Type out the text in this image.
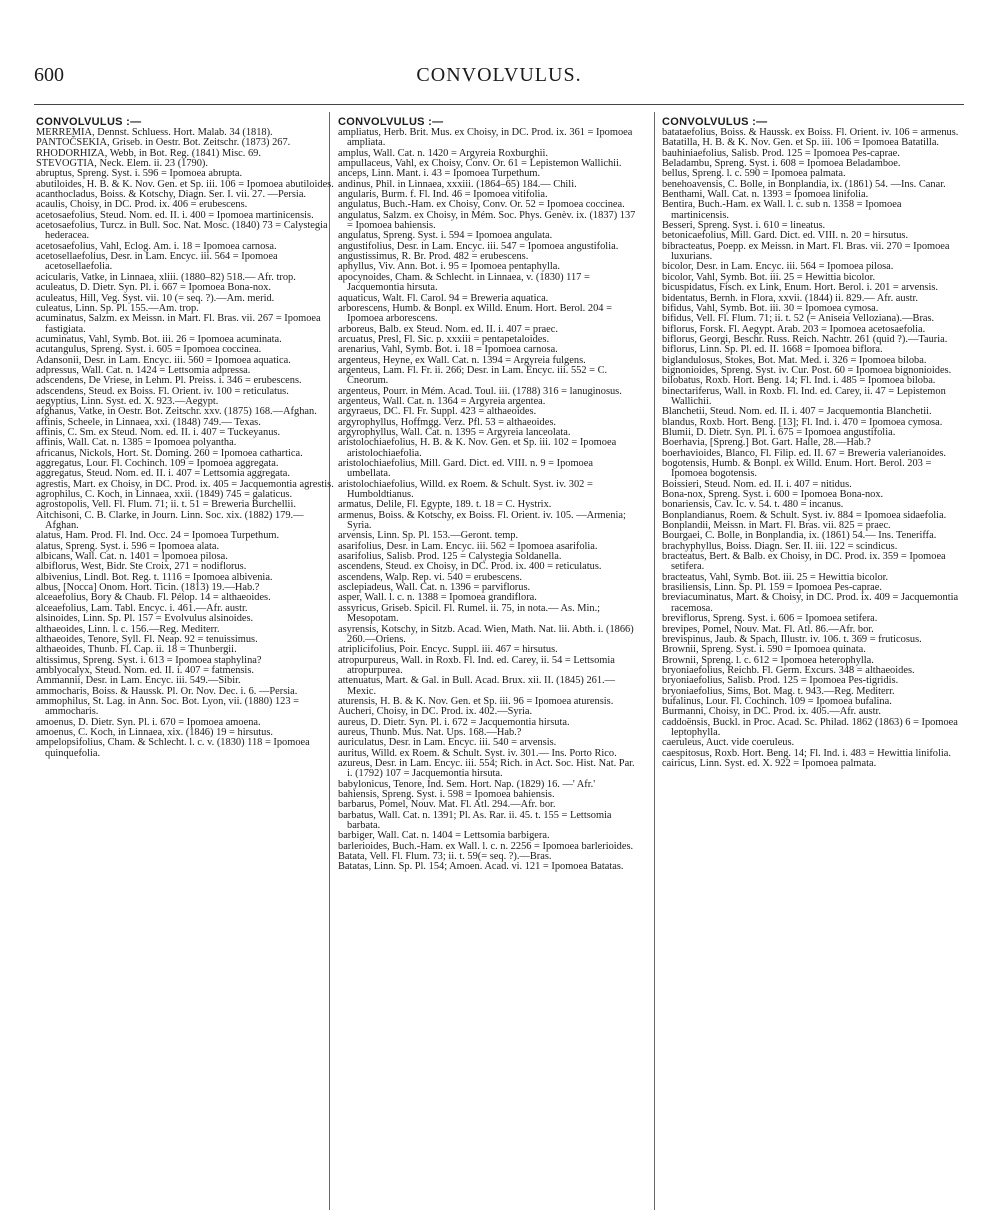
600	CONVOLVULUS.
CONVOLVULUS :—

MERREMIA, Dennst. Schluess. Hort. Malab. 34 (1818).

PANTOČSEKIA, Griseb. in Oestr. Bot. Zeitschr. (1873) 267.

RHODORHIZA, Webb, in Bot. Reg. (1841) Misc. 69.

STEVOGTIA, Neck. Elem. ii. 23 (1790).

abruptus, Spreng. Syst. i. 596 = Ipomoea abrupta.

abutiloides, H. B. & K. Nov. Gen. et Sp. iii. 106 = Ipomoea abutiloides.

acanthocladus, Boiss. & Kotschy, Diagn. Ser. I. vii. 27. —Persia.

acaulis, Choisy, in DC. Prod. ix. 406 = erubescens.

acetosaefolius, Steud. Nom. ed. II. i. 400 = Ipomoea martinicensis.

acetosaefolius, Turcz. in Bull. Soc. Nat. Mosc. (1840) 73 = Calystegia hederacea.

acetosaefolius, Vahl, Eclog. Am. i. 18 = Ipomoea carnosa.

acetosellaefolius, Desr. in Lam. Encyc. iii. 564 = Ipomoea acetosellaefolia.

acicularis, Vatke, in Linnaea, xliii. (1880–82) 518.— Afr. trop.

aculeatus, D. Dietr. Syn. Pl. i. 667 = Ipomoea Bona-nox.

aculeatus, Hill, Veg. Syst. vii. 10 (= seq. ?).—Am. merid.

culeatus, Linn. Sp. Pl. 155.—Am. trop.

acuminatus, Salzm. ex Meissn. in Mart. Fl. Bras. vii. 267 = Ipomoea fastigiata.

acuminatus, Vahl, Symb. Bot. iii. 26 = Ipomoea acuminata.

acutangulus, Spreng. Syst. i. 605 = Ipomoea coccinea.

Adansonii, Desr. in Lam. Encyc. iii. 560 = Ipomoea aquatica.

adpressus, Wall. Cat. n. 1424 = Lettsomia adpressa.

adscendens, De Vriese, in Lehm. Pl. Preiss. i. 346 = erubescens.

adscendens, Steud. ex Boiss. Fl. Orient. iv. 100 = reticulatus.

aegyptius, Linn. Syst. ed. X. 923.—Aegypt.

afghanus, Vatke, in Oestr. Bot. Zeitschr. xxv. (1875) 168.—Afghan.

affinis, Scheele, in Linnaea, xxi. (1848) 749.— Texas.

affinis, C. Sm. ex Steud. Nom. ed. II. i. 407 = Tuckeyanus.

affinis, Wall. Cat. n. 1385 = Ipomoea polyantha.

africanus, Nickols, Hort. St. Doming. 260 = Ipomoea cathartica.

aggregatus, Lour. Fl. Cochinch. 109 = Ipomoea aggregata.

aggregatus, Steud. Nom. ed. II. i. 407 = Lettsomia aggregata.

agrestis, Mart. ex Choisy, in DC. Prod. ix. 405 = Jacquemontia agrestis.

agrophilus, C. Koch, in Linnaea, xxii. (1849) 745 = galaticus.

agrostopolis, Vell. Fl. Flum. 71; ii. t. 51 = Breweria Burchellii.

Aitchisoni, C. B. Clarke, in Journ. Linn. Soc. xix. (1882) 179.—Afghan.

alatus, Ham. Prod. Fl. Ind. Occ. 24 = Ipomoea Turpethum.

alatus, Spreng. Syst. i. 596 = Ipomoea alata.

albicans, Wall. Cat. n. 1401 = Ipomoea pilosa.

albiflorus, West, Bidr. Ste Croix, 271 = nodiflorus.

albivenius, Lindl. Bot. Reg. t. 1116 = Ipomoea albivenia.

albus, [Nocca] Onom. Hort. Ticin. (1813) 19.—Hab.?

alceaefolius, Bory & Chaub. Fl. Pélop. 14 = althaeoides.

alceaefolius, Lam. Tabl. Encyc. i. 461.—Afr. austr.

alsinoides, Linn. Sp. Pl. 157 = Evolvulus alsinoides.

althaeoides, Linn. l. c. 156.—Reg. Mediterr.

althaeoides, Tenore, Syll. Fl. Neap. 92 = tenuissimus.

althaeoides, Thunb. Fl. Cap. ii. 18 = Thunbergii.

altissimus, Spreng. Syst. i. 613 = Ipomoea staphylina?

amblyocalyx, Steud. Nom. ed. II. i. 407 = fatmensis.

Ammannii, Desr. in Lam. Encyc. iii. 549.—Sibir.

ammocharis, Boiss. & Haussk. Pl. Or. Nov. Dec. i. 6. —Persia.

ammophilus, St. Lag. in Ann. Soc. Bot. Lyon, vii. (1880) 123 = ammocharis.

amoenus, D. Dietr. Syn. Pl. i. 670 = Ipomoea amoena.

amoenus, C. Koch, in Linnaea, xix. (1846) 19 = hirsutus.

ampelopsifolius, Cham. & Schlecht. l. c. v. (1830) 118 = Ipomoea quinquefolia.

CONVOLVULUS :—

ampliatus, Herb. Brit. Mus. ex Choisy, in DC. Prod. ix. 361 = Ipomoea ampliata.

amplus, Wall. Cat. n. 1420 = Argyreia Roxburghii.

ampullaceus, Vahl, ex Choisy, Conv. Or. 61 = Lepistemon Wallichii.

anceps, Linn. Mant. i. 43 = Ipomoea Turpethum.

andinus, Phil. in Linnaea, xxxiii. (1864–65) 184.— Chili.

angularis, Burm. f. Fl. Ind. 46 = Ipomoea vitifolia.

angulatus, Buch.-Ham. ex Choisy, Conv. Or. 52 = Ipomoea coccinea.

angulatus, Salzm. ex Choisy, in Mém. Soc. Phys. Genèv. ix. (1837) 137 = Ipomoea bahiensis.

angulatus, Spreng. Syst. i. 594 = Ipomoea angulata.

angustifolius, Desr. in Lam. Encyc. iii. 547 = Ipomoea angustifolia.

angustissimus, R. Br. Prod. 482 = erubescens.

aphyllus, Viv. Ann. Bot. i. 95 = Ipomoea pentaphylla.

apocynoides, Cham. & Schlecht. in Linnaea, v. (1830) 117 = Jacquemontia hirsuta.

aquaticus, Walt. Fl. Carol. 94 = Breweria aquatica.

arborescens, Humb. & Bonpl. ex Willd. Enum. Hort. Berol. 204 = Ipomoea arborescens.

arboreus, Balb. ex Steud. Nom. ed. II. i. 407 = praec.

arcuatus, Presl, Fl. Sic. p. xxxiii = pentapetaloides.

arenarius, Vahl, Symb. Bot. i. 18 = Ipomoea carnosa.

argenteus, Heyne, ex Wall. Cat. n. 1394 = Argyreia fulgens.

argenteus, Lam. Fl. Fr. ii. 266; Desr. in Lam. Encyc. iii. 552 = C. Cneorum.

argenteus, Pourr. in Mém. Acad. Toul. iii. (1788) 316 = lanuginosus.

argenteus, Wall. Cat. n. 1364 = Argyreia argentea.

argyraeus, DC. Fl. Fr. Suppl. 423 = althaeoides.

argyrophyllus, Hoffmgg. Verz. Pfl. 53 = althaeoides.

argyrophyllus, Wall. Cat. n. 1395 = Argyreia lanceolata.

aristolochiaefolius, H. B. & K. Nov. Gen. et Sp. iii. 102 = Ipomoea aristolochiaefolia.

aristolochiaefolius, Mill. Gard. Dict. ed. VIII. n. 9 = Ipomoea umbellata.

aristolochiaefolius, Willd. ex Roem. & Schult. Syst. iv. 302 = Humboldtianus.

armatus, Delile, Fl. Egypte, 189. t. 18 = C. Hystrix.

armenus, Boiss. & Kotschy, ex Boiss. Fl. Orient. iv. 105. —Armenia; Syria.

arvensis, Linn. Sp. Pl. 153.—Geront. temp.

asarifolius, Desr. in Lam. Encyc. iii. 562 = Ipomoea asarifolia.

asarifolius, Salisb. Prod. 125 = Calystegia Soldanella.

ascendens, Steud. ex Choisy, in DC. Prod. ix. 400 = reticulatus.

ascendens, Walp. Rep. vi. 540 = erubescens.

asclepiadeus, Wall. Cat. n. 1396 = parviflorus.

asper, Wall. l. c. n. 1388 = Ipomoea grandiflora.

assyricus, Griseb. Spicil. Fl. Rumel. ii. 75, in nota.— As. Min.; Mesopotam.

asyrensis, Kotschy, in Sitzb. Acad. Wien, Math. Nat. lii. Abth. i. (1866) 260.—Oriens.

atriplicifolius, Poir. Encyc. Suppl. iii. 467 = hirsutus.

atropurpureus, Wall. in Roxb. Fl. Ind. ed. Carey, ii. 54 = Lettsomia atropurpurea.

attenuatus, Mart. & Gal. in Bull. Acad. Brux. xii. II. (1845) 261.—Mexic.

aturensis, H. B. & K. Nov. Gen. et Sp. iii. 96 = Ipomoea aturensis.

Aucheri, Choisy, in DC. Prod. ix. 402.—Syria.

aureus, D. Dietr. Syn. Pl. i. 672 = Jacquemontia hirsuta.

aureus, Thunb. Mus. Nat. Ups. 168.—Hab.?

auriculatus, Desr. in Lam. Encyc. iii. 540 = arvensis.

auritus, Willd. ex Roem. & Schult. Syst. iv. 301.— Ins. Porto Rico.

azureus, Desr. in Lam. Encyc. iii. 554; Rich. in Act. Soc. Hist. Nat. Par. i. (1792) 107 = Jacquemontia hirsuta.

babylonicus, Tenore, Ind. Sem. Hort. Nap. (1829) 16. —' Afr.'

bahiensis, Spreng. Syst. i. 598 = Ipomoea bahiensis.

barbarus, Pomel, Nouv. Mat. Fl. Atl. 294.—Afr. bor.

barbatus, Wall. Cat. n. 1391; Pl. As. Rar. ii. 45. t. 155 = Lettsomia barbata.

barbiger, Wall. Cat. n. 1404 = Lettsomia barbigera.

barlerioides, Buch.-Ham. ex Wall. l. c. n. 2256 = Ipomoea barlerioides.

Batata, Vell. Fl. Flum. 73; ii. t. 59(= seq. ?).—Bras.

Batatas, Linn. Sp. Pl. 154; Amoen. Acad. vi. 121 = Ipomoea Batatas.

CONVOLVULUS :—

batataefolius, Boiss. & Haussk. ex Boiss. Fl. Orient. iv. 106 = armenus.

Batatilla, H. B. & K. Nov. Gen. et Sp. iii. 106 = Ipomoea Batatilla.

bauhiniaefolius, Salisb. Prod. 125 = Ipomoea Pes-caprae.

Beladambu, Spreng. Syst. i. 608 = Ipomoea Beladamboe.

bellus, Spreng. l. c. 590 = Ipomoea palmata.

benehoavensis, C. Bolle, in Bonplandia, ix. (1861) 54. —Ins. Canar.

Benthami, Wall. Cat. n. 1393 = Ipomoea linifolia.

Bentira, Buch.-Ham. ex Wall. l. c. sub n. 1358 = Ipomoea martinicensis.

Besseri, Spreng. Syst. i. 610 = lineatus.

betonicaefolius, Mill. Gard. Dict. ed. VIII. n. 20 = hirsutus.

bibracteatus, Poepp. ex Meissn. in Mart. Fl. Bras. vii. 270 = Ipomoea luxurians.

bicolor, Desr. in Lam. Encyc. iii. 564 = Ipomoea pilosa.

bicolor, Vahl, Symb. Bot. iii. 25 = Hewittia bicolor.

bicuspidatus, Fisch. ex Link, Enum. Hort. Berol. i. 201 = arvensis.

bidentatus, Bernh. in Flora, xxvii. (1844) ii. 829.— Afr. austr.

bifidus, Vahl, Symb. Bot. iii. 30 = Ipomoea cymosa.

bifidus, Vell. Fl. Flum. 71; ii. t. 52 (= Aniseia Velloziana).—Bras.

biflorus, Forsk. Fl. Aegypt. Arab. 203 = Ipomoea acetosaefolia.

biflorus, Georgi, Beschr. Russ. Reich. Nachtr. 261 (quid ?).—Tauria.

biflorus, Linn. Sp. Pl. ed. II. 1668 = Ipomoea biflora.

biglandulosus, Stokes, Bot. Mat. Med. i. 326 = Ipomoea biloba.

bignonioides, Spreng. Syst. iv. Cur. Post. 60 = Ipomoea bignonioides.

bilobatus, Roxb. Hort. Beng. 14; Fl. Ind. i. 485 = Ipomoea biloba.

binectariferus, Wall. in Roxb. Fl. Ind. ed. Carey, ii. 47 = Lepistemon Wallichii.

Blanchetii, Steud. Nom. ed. II. i. 407 = Jacquemontia Blanchetii.

blandus, Roxb. Hort. Beng. [13]; Fl. Ind. i. 470 = Ipomoea cymosa.

Blumii, D. Dietr. Syn. Pl. i. 675 = Ipomoea angustifolia.

Boerhavia, [Spreng.] Bot. Gart. Halle, 28.—Hab.?

boerhavioides, Blanco, Fl. Filip. ed. II. 67 = Breweria valerianoides.

bogotensis, Humb. & Bonpl. ex Willd. Enum. Hort. Berol. 203 = Ipomoea bogotensis.

Boissieri, Steud. Nom. ed. II. i. 407 = nitidus.

Bona-nox, Spreng. Syst. i. 600 = Ipomoea Bona-nox.

bonariensis, Cav. Ic. v. 54. t. 480 = incanus.

Bonplandianus, Roem. & Schult. Syst. iv. 884 = Ipomoea sidaefolia.

Bonplandii, Meissn. in Mart. Fl. Bras. vii. 825 = praec.

Bourgaei, C. Bolle, in Bonplandia, ix. (1861) 54.— Ins. Teneriffa.

brachyphyllus, Boiss. Diagn. Ser. II. iii. 122 = scindicus.

bracteatus, Bert. & Balb. ex Choisy, in DC. Prod. ix. 359 = Ipomoea setifera.

bracteatus, Vahl, Symb. Bot. iii. 25 = Hewittia bicolor.

brasiliensis, Linn. Sp. Pl. 159 = Ipomoea Pes-caprae.

breviacuminatus, Mart. & Choisy, in DC. Prod. ix. 409 = Jacquemontia racemosa.

breviflorus, Spreng. Syst. i. 606 = Ipomoea setifera.

brevipes, Pomel, Nouv. Mat. Fl. Atl. 86.—Afr. bor.

brevispinus, Jaub. & Spach, Illustr. iv. 106. t. 369 = fruticosus.

Brownii, Spreng. Syst. i. 590 = Ipomoea quinata.

Brownii, Spreng. l. c. 612 = Ipomoea heterophylla.

bryoniaefolius, Reichb. Fl. Germ. Excurs. 348 = althaeoides.

bryoniaefolius, Salisb. Prod. 125 = Ipomoea Pes-tigridis.

bryoniaefolius, Sims, Bot. Mag. t. 943.—Reg. Mediterr.

bufalinus, Lour. Fl. Cochinch. 109 = Ipomoea bufalina.

Burmanni, Choisy, in DC. Prod. ix. 405.—Afr. austr.

caddoënsis, Buckl. in Proc. Acad. Sc. Philad. 1862 (1863) 6 = Ipomoea leptophylla.

caeruleus, Auct. vide coeruleus.

caespitosus, Roxb. Hort. Beng. 14; Fl. Ind. i. 483 = Hewittia linifolia.

cairicus, Linn. Syst. ed. X. 922 = Ipomoea palmata.
